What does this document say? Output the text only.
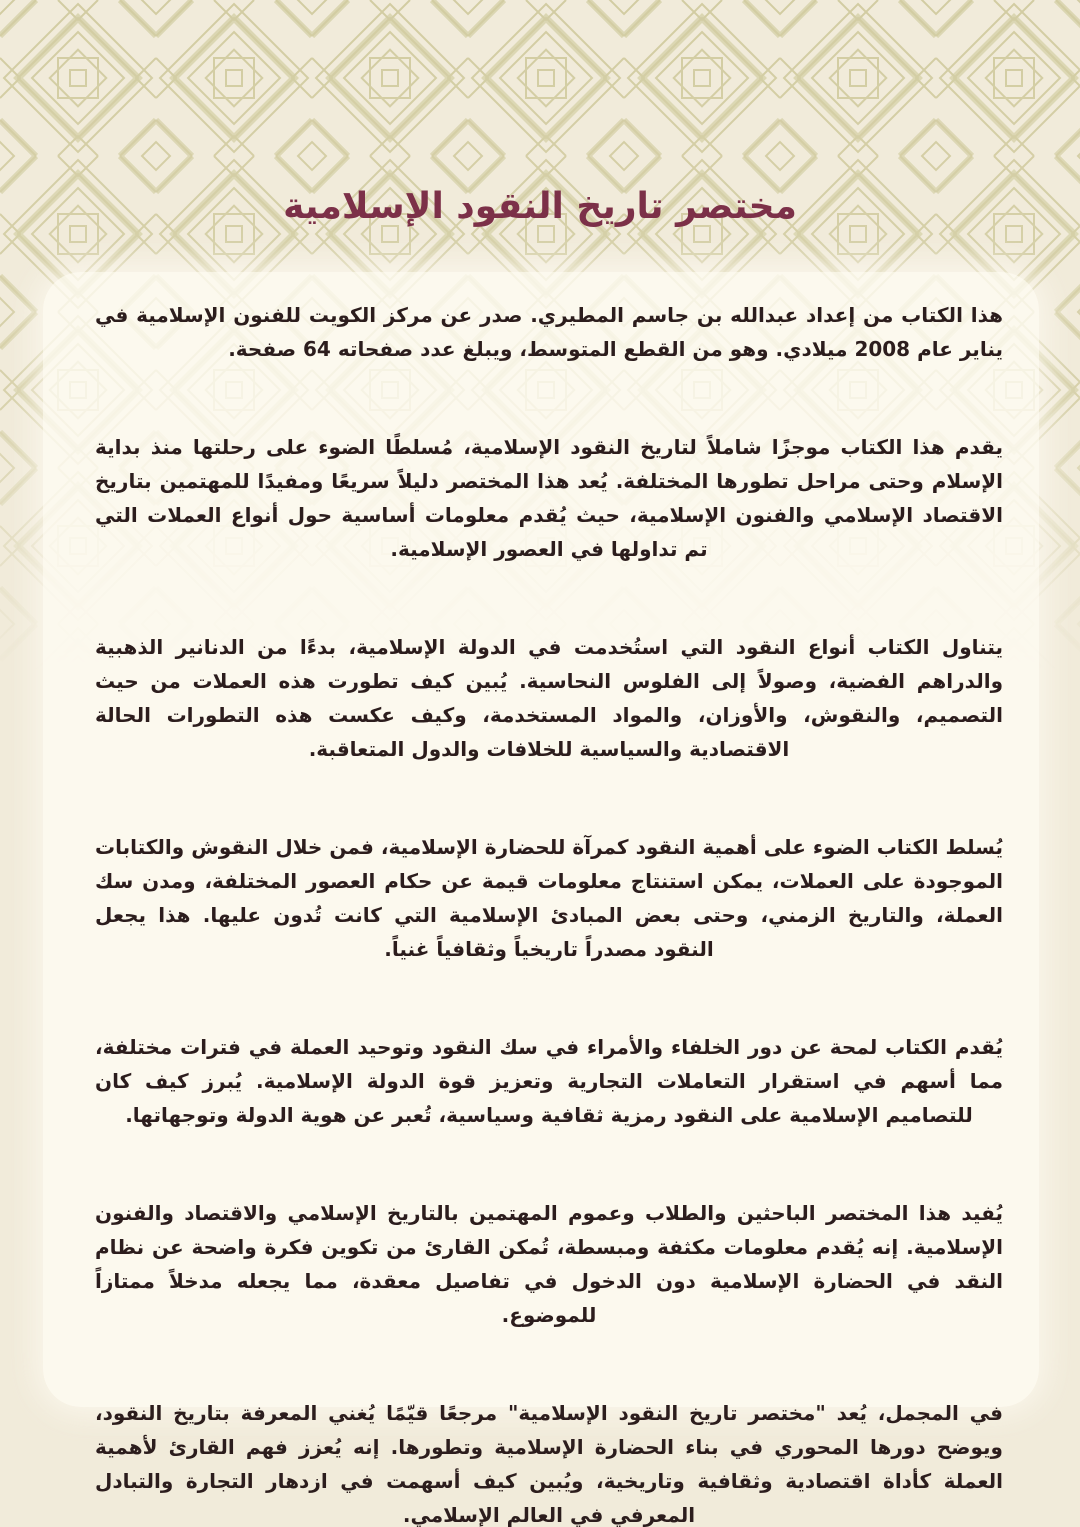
مختصر تاريخ النقود الإسلامية

هذا الكتاب من إعداد عبدالله بن جاسم المطيري. صدر عن مركز الكويت للفنون الإسلامية في يناير عام 2008 ميلادي. وهو من القطع المتوسط، ويبلغ عدد صفحاته 64 صفحة.

يقدم هذا الكتاب موجزًا شاملاً لتاريخ النقود الإسلامية، مُسلطًا الضوء على رحلتها منذ بداية الإسلام وحتى مراحل تطورها المختلفة. يُعد هذا المختصر دليلاً سريعًا ومفيدًا للمهتمين بتاريخ الاقتصاد الإسلامي والفنون الإسلامية، حيث يُقدم معلومات أساسية حول أنواع العملات التي تم تداولها في العصور الإسلامية.

يتناول الكتاب أنواع النقود التي استُخدمت في الدولة الإسلامية، بدءًا من الدنانير الذهبية والدراهم الفضية، وصولاً إلى الفلوس النحاسية. يُبين كيف تطورت هذه العملات من حيث التصميم، والنقوش، والأوزان، والمواد المستخدمة، وكيف عكست هذه التطورات الحالة الاقتصادية والسياسية للخلافات والدول المتعاقبة.

يُسلط الكتاب الضوء على أهمية النقود كمرآة للحضارة الإسلامية، فمن خلال النقوش والكتابات الموجودة على العملات، يمكن استنتاج معلومات قيمة عن حكام العصور المختلفة، ومدن سك العملة، والتاريخ الزمني، وحتى بعض المبادئ الإسلامية التي كانت تُدون عليها. هذا يجعل النقود مصدراً تاريخياً وثقافياً غنياً.

يُقدم الكتاب لمحة عن دور الخلفاء والأمراء في سك النقود وتوحيد العملة في فترات مختلفة، مما أسهم في استقرار التعاملات التجارية وتعزيز قوة الدولة الإسلامية. يُبرز كيف كان للتصاميم الإسلامية على النقود رمزية ثقافية وسياسية، تُعبر عن هوية الدولة وتوجهاتها.

يُفيد هذا المختصر الباحثين والطلاب وعموم المهتمين بالتاريخ الإسلامي والاقتصاد والفنون الإسلامية. إنه يُقدم معلومات مكثفة ومبسطة، تُمكن القارئ من تكوين فكرة واضحة عن نظام النقد في الحضارة الإسلامية دون الدخول في تفاصيل معقدة، مما يجعله مدخلاً ممتازاً للموضوع.

في المجمل، يُعد "مختصر تاريخ النقود الإسلامية" مرجعًا قيّمًا يُغني المعرفة بتاريخ النقود، ويوضح دورها المحوري في بناء الحضارة الإسلامية وتطورها. إنه يُعزز فهم القارئ لأهمية العملة كأداة اقتصادية وثقافية وتاريخية، ويُبين كيف أسهمت في ازدهار التجارة والتبادل المعرفي في العالم الإسلامي.
